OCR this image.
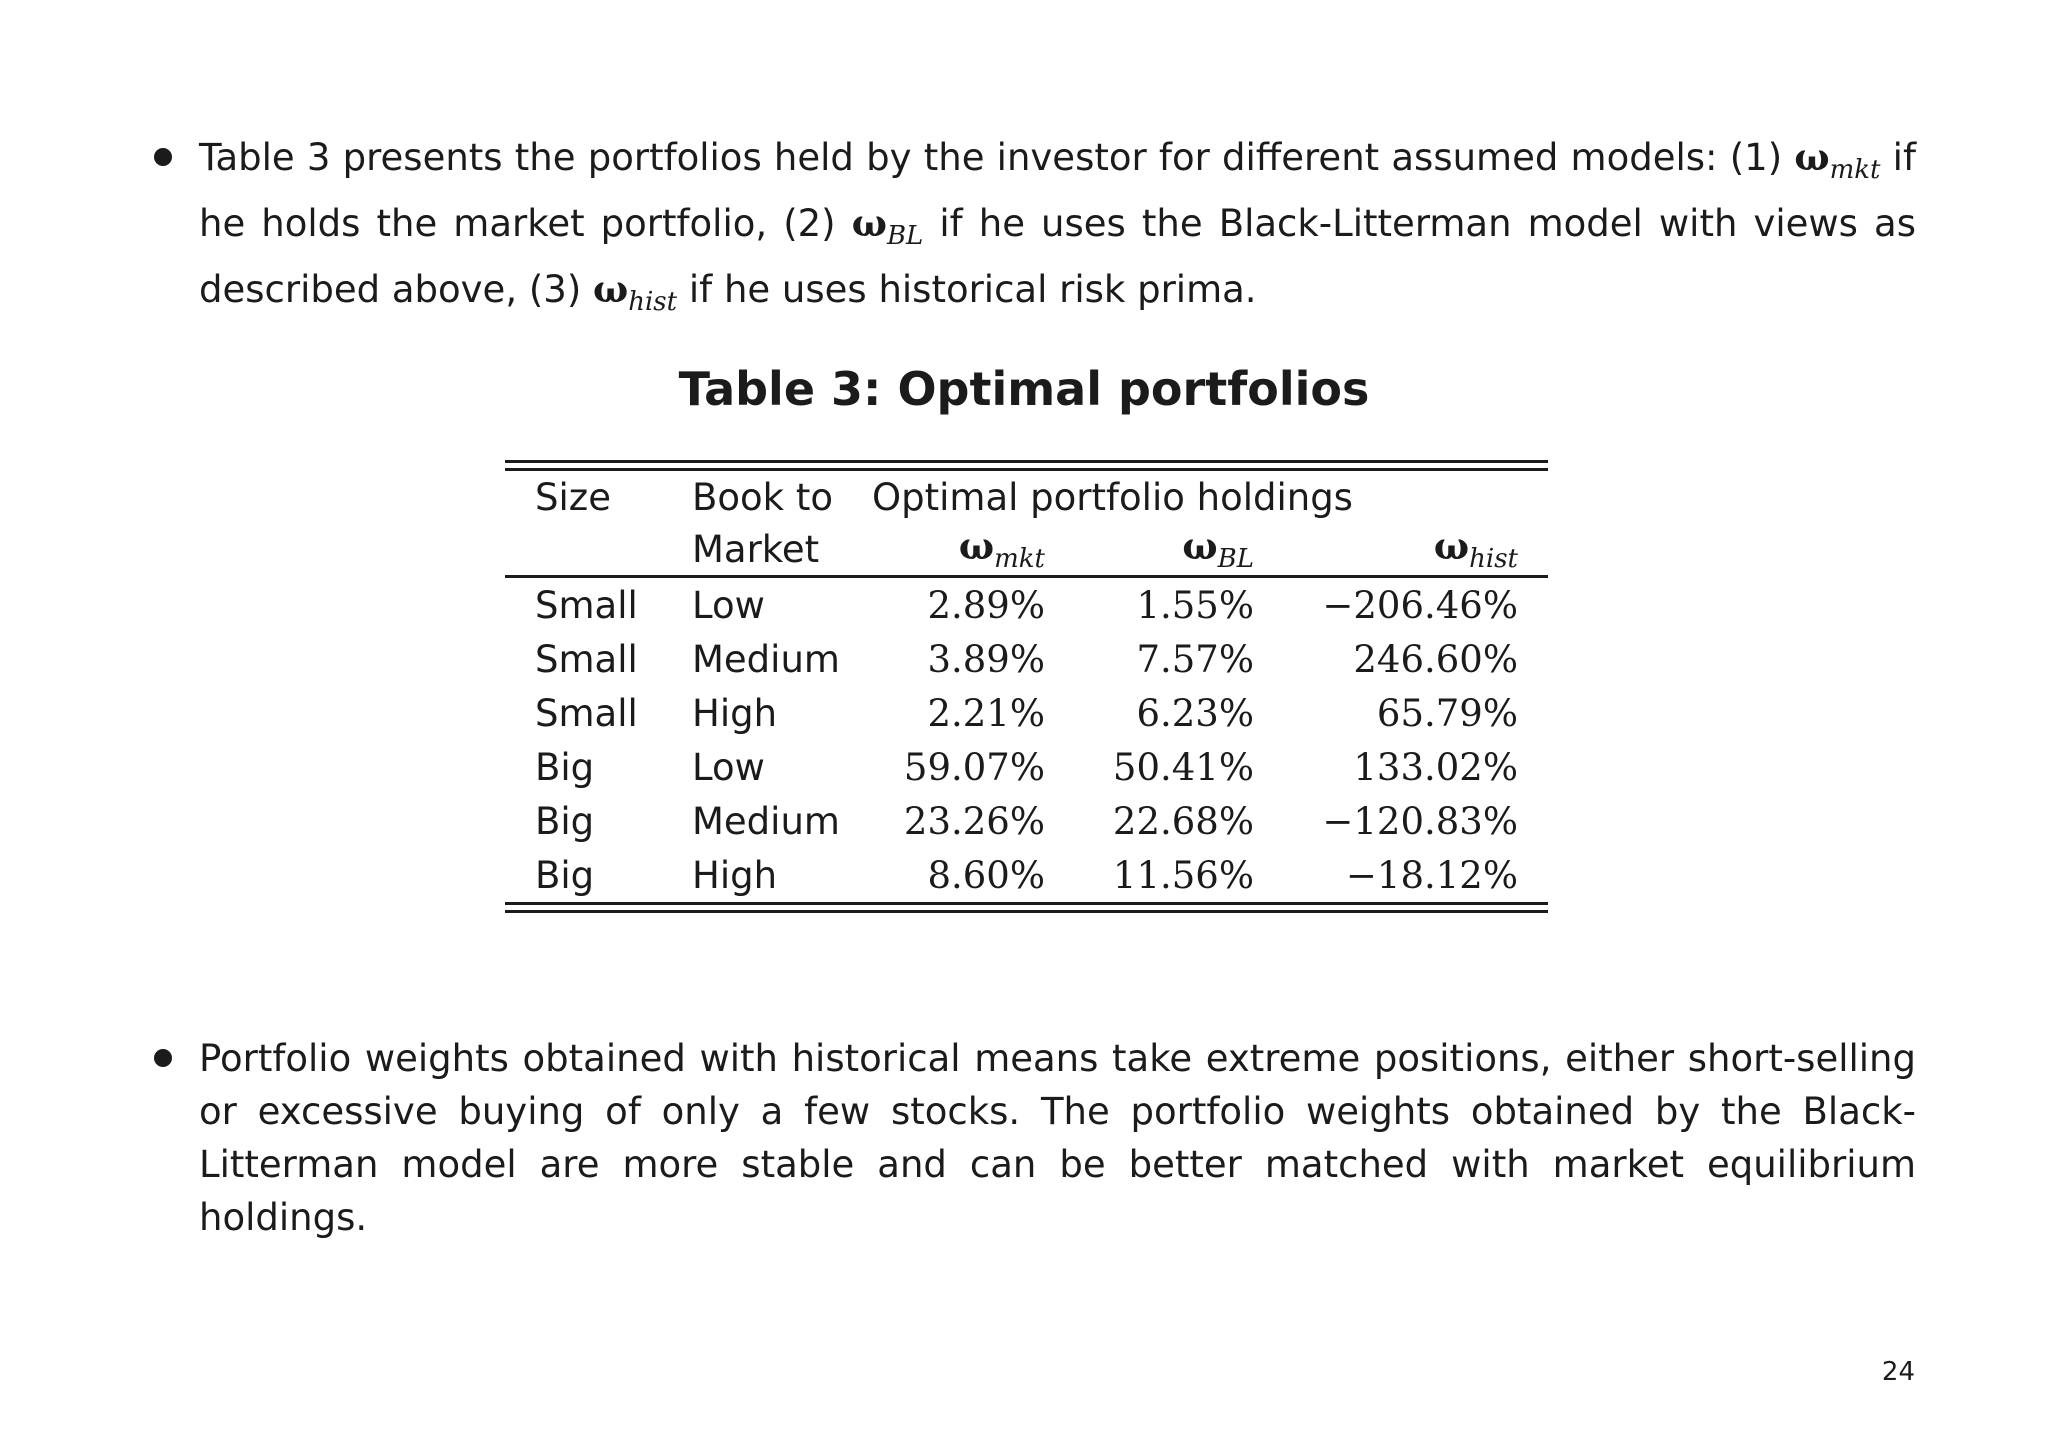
Table 3 presents the portfolios held by the investor for different assumed models: (1) $\omega_{mkt}$ if he holds the market portfolio, (2) $\omega_{BL}$ if he uses the Black-Litterman model with views as described above, (3) $\omega_{hist}$ if he uses historical risk prima.
Table 3: Optimal portfolios
Size	Book to	Optimal portfolio holdings		
	Market	$\omega_{mkt}$	$\omega_{BL}$	$\omega_{hist}$
Small	Low	2.89%	1.55%	−206.46%
Small	Medium	3.89%	7.57%	246.60%
Small	High	2.21%	6.23%	65.79%
Big	Low	59.07%	50.41%	133.02%
Big	Medium	23.26%	22.68%	−120.83%
Big	High	8.60%	11.56%	−18.12%
Portfolio weights obtained with historical means take extreme positions, either short-selling or excessive buying of only a few stocks. The portfolio weights obtained by the Black-Litterman model are more stable and can be better matched with market equilibrium holdings.
24
